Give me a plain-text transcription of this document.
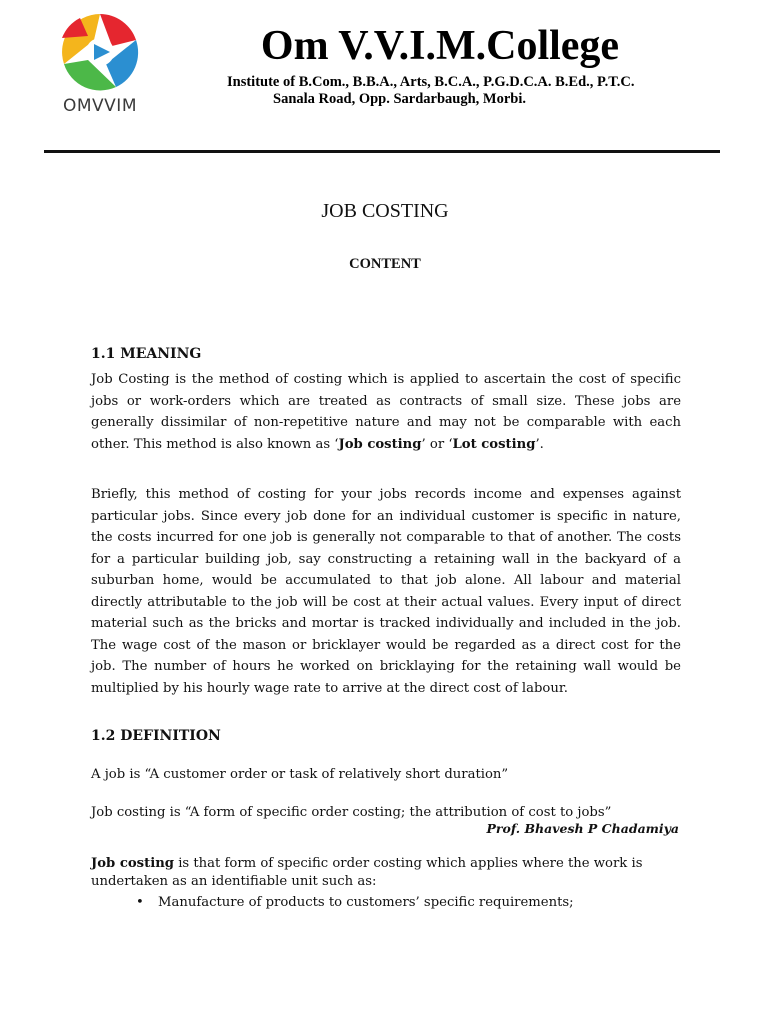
OMVVIM
Om V.V.I.M.College
Institute of B.Com., B.B.A., Arts, B.C.A., P.G.D.C.A. B.Ed., P.T.C.
Sanala Road, Opp. Sardarbaugh, Morbi.
JOB COSTING
CONTENT
1.1 MEANING

Job Costing is the method of costing which is applied to ascertain the cost of specific jobs or work-orders which are treated as contracts of small size. These jobs are generally dissimilar of non-repetitive nature and may not be comparable with each other. This method is also known as ‘Job costing’ or ‘Lot costing’.

Briefly, this method of costing for your jobs records income and expenses against particular jobs. Since every job done for an individual customer is specific in nature, the costs incurred for one job is generally not comparable to that of another. The costs for a particular building job, say constructing a retaining wall in the backyard of a suburban home, would be accumulated to that job alone. All labour and material directly attributable to the job will be cost at their actual values. Every input of direct material such as the bricks and mortar is tracked individually and included in the job. The wage cost of the mason or bricklayer would be regarded as a direct cost for the job. The number of hours he worked on bricklaying for the retaining wall would be multiplied by his hourly wage rate to arrive at the direct cost of labour.

1.2 DEFINITION

A job is “A customer order or task of relatively short duration”

Job costing is “A form of specific order costing; the attribution of cost to jobs”

Prof. Bhavesh P Chadamiya

Job costing is that form of specific order costing which applies where the work is undertaken as an identifiable unit such as:

• Manufacture of products to customers’ specific requirements;
